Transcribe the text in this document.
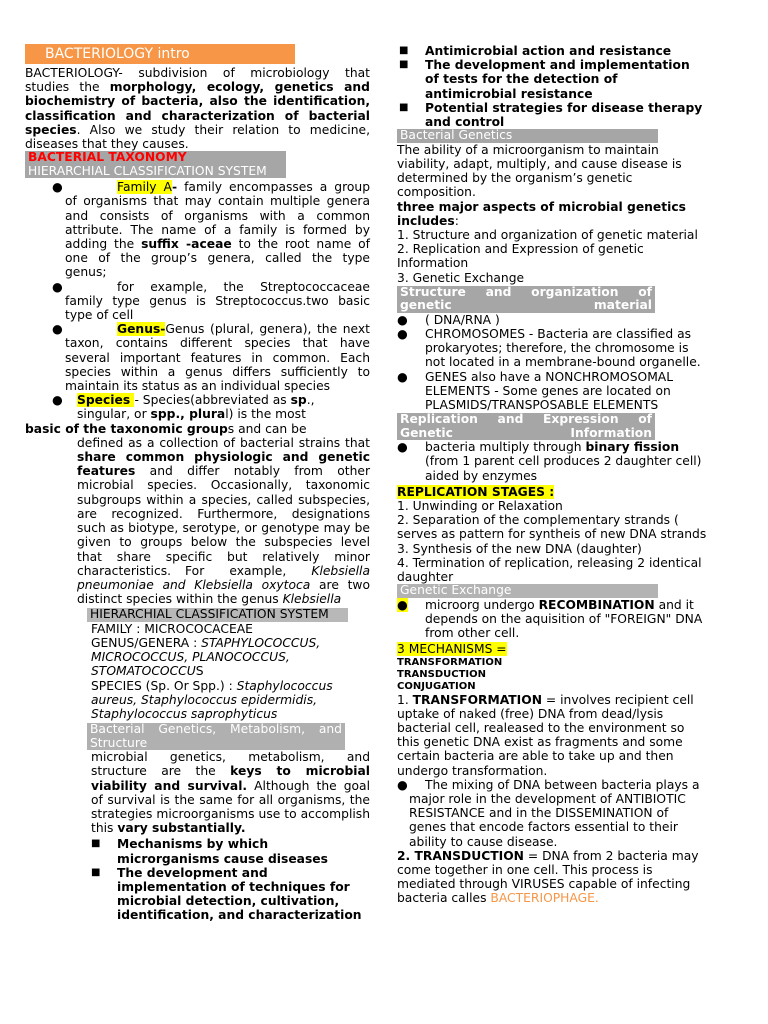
BACTERIOLOGY intro

BACTERIOLOGY- subdivision of microbiology that studies the morphology, ecology, genetics and biochemistry of bacteria, also the identification, classification and characterization of bacterial species. Also we study their relation to medicine, diseases that they causes.

BACTERIAL TAXONOMY
HIERARCHIAL CLASSIFICATION SYSTEM
●	Family A- family encompasses a group of organisms that may contain multiple genera and consists of organisms with a common attribute. The name of a family is formed by adding the suffix -aceae to the root name of one of the group’s genera, called the type genus;

●	for example, the Streptococcaceae family type genus is Streptococcus.two basic type of cell

●	Genus-Genus (plural, genera), the next taxon, contains different species that have several important features in common. Each species within a genus differs sufficiently to maintain its status as an individual species

● Species - Species(abbreviated as sp., singular, or spp., plural) is the most

basic of the taxonomic groups and can be

defined as a collection of bacterial strains that share common physiologic and genetic features and differ notably from other microbial species. Occasionally, taxonomic subgroups within a species, called subspecies, are recognized. Furthermore, designations such as biotype, serotype, or genotype may be given to groups below the subspecies level that share specific but relatively minor characteristics. For example, Klebsiella pneumoniae and Klebsiella oxytoca are two distinct species within the genus Klebsiella

HIERARCHIAL CLASSIFICATION SYSTEM

FAMILY : MICROCOCACEAE

GENUS/GENERA : STAPHYLOCOCCUS, MICROCOCCUS, PLANOCOCCUS, STOMATOCOCCUS

SPECIES (Sp. Or Spp.) : Staphylococcus aureus, Staphylococcus epidermidis, Staphylococcus saprophyticus

Bacterial Genetics, Metabolism, and Structure

microbial genetics, metabolism, and structure are the keys to microbial viability and survival. Although the goal of survival is the same for all organisms, the strategies microorganisms use to accomplish this vary substantially.

■ Mechanisms by which microrganisms cause diseases
■ The development and implementation of techniques for microbial detection, cultivation, identification, and characterization
■ Antimicrobial action and resistance
■ The development and implementation of tests for the detection of antimicrobial resistance
■ Potential strategies for disease therapy and control
Bacterial Genetics

The ability of a microorganism to maintain viability, adapt, multiply, and cause disease is determined by the organism’s genetic composition.

three major aspects of microbial genetics includes:

1. Structure and organization of genetic material

2. Replication and Expression of genetic Information

3. Genetic Exchange

Structure and organization of genetic material
● ( DNA/RNA )
● CHROMOSOMES - Bacteria are classified as prokaryotes; therefore, the chromosome is not located in a membrane-bound organelle.
● GENES also have a NONCHROMOSOMAL ELEMENTS - Some genes are located on PLASMIDS/TRANSPOSABLE ELEMENTS
Replication and Expression of Genetic Information
● bacteria multiply through binary fission (from 1 parent cell produces 2 daughter cell) aided by enzymes

REPLICATION STAGES :

1. Unwinding or Relaxation

2. Separation of the complementary strands ( serves as pattern for syntheis of new DNA strands

3. Synthesis of the new DNA (daughter)

4. Termination of replication, releasing 2 identical daughter

Genetic Exchange
● microorg undergo RECOMBINATION and it depends on the aquisition of "FOREIGN" DNA from other cell.

3 MECHANISMS =

TRANSFORMATION

TRANSDUCTION

CONJUGATION

1. TRANSFORMATION = involves recipient cell uptake of naked (free) DNA from dead/lysis bacterial cell, realeased to the environment so this genetic DNA exist as fragments and some certain bacteria are able to take up and then undergo transformation.

● The mixing of DNA between bacteria plays a major role in the development of ANTIBIOTIC RESISTANCE and in the DISSEMINATION of genes that encode factors essential to their ability to cause disease.

2. TRANSDUCTION = DNA from 2 bacteria may come together in one cell. This process is mediated through VIRUSES capable of infecting bacteria calles BACTERIOPHAGE.
